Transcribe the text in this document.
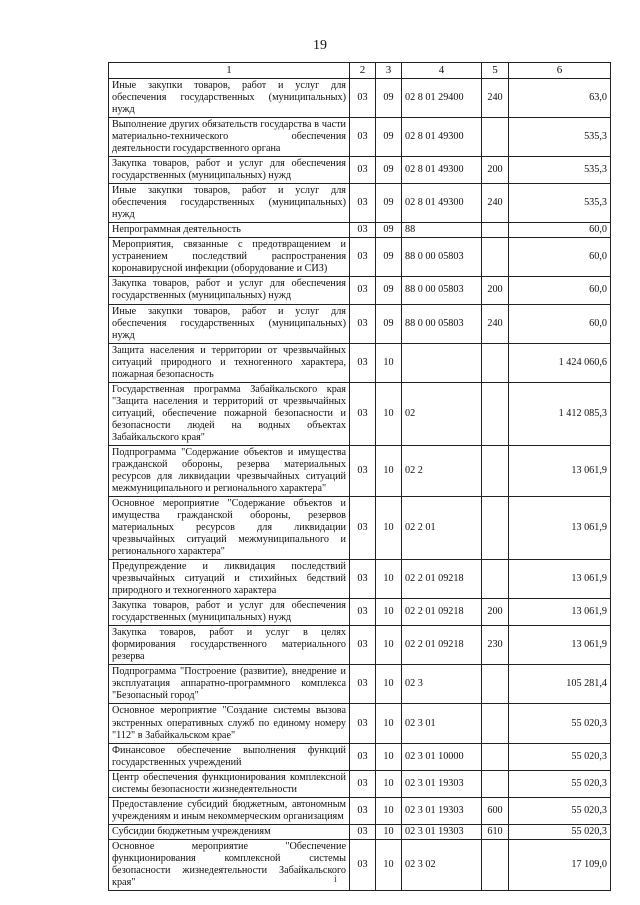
19
1	2	3	4	5	6
Иные закупки товаров, работ и услуг для обеспечения государственных (муниципальных) нужд	03	09	02 8 01 29400	240	63,0
Выполнение других обязательств государства в части материально-технического обеспечения деятельности государственного органа	03	09	02 8 01 49300		535,3
Закупка товаров, работ и услуг для обеспечения государственных (муниципальных) нужд	03	09	02 8 01 49300	200	535,3
Иные закупки товаров, работ и услуг для обеспечения государственных (муниципальных) нужд	03	09	02 8 01 49300	240	535,3
Непрограммная деятельность	03	09	88		60,0
Мероприятия, связанные с предотвращением и устранением последствий распространения коронавирусной инфекции (оборудование и СИЗ)	03	09	88 0 00 05803		60,0
Закупка товаров, работ и услуг для обеспечения государственных (муниципальных) нужд	03	09	88 0 00 05803	200	60,0
Иные закупки товаров, работ и услуг для обеспечения государственных (муниципальных) нужд	03	09	88 0 00 05803	240	60,0
Защита населения и территории от чрезвычайных ситуаций природного и техногенного характера, пожарная безопасность	03	10			1 424 060,6
Государственная программа Забайкальского края "Защита населения и территорий от чрезвычайных ситуаций, обеспечение пожарной безопасности и безопасности людей на водных объектах Забайкальского края"	03	10	02		1 412 085,3
Подпрограмма "Содержание объектов и имущества гражданской обороны, резерва материальных ресурсов для ликвидации чрезвычайных ситуаций межмуниципального и регионального характера"	03	10	02 2		13 061,9
Основное мероприятие "Содержание объектов и имущества гражданской обороны, резервов материальных ресурсов для ликвидации чрезвычайных ситуаций межмуниципального и регионального характера"	03	10	02 2 01		13 061,9
Предупреждение и ликвидация последствий чрезвычайных ситуаций и стихийных бедствий природного и техногенного характера	03	10	02 2 01 09218		13 061,9
Закупка товаров, работ и услуг для обеспечения государственных (муниципальных) нужд	03	10	02 2 01 09218	200	13 061,9
Закупка товаров, работ и услуг в целях формирования государственного материального резерва	03	10	02 2 01 09218	230	13 061,9
Подпрограмма "Построение (развитие), внедрение и эксплуатация аппаратно-программного комплекса "Безопасный город"	03	10	02 3		105 281,4
Основное мероприятие "Создание системы вызова экстренных оперативных служб по единому номеру "112" в Забайкальском крае"	03	10	02 3 01		55 020,3
Финансовое обеспечение выполнения функций государственных учреждений	03	10	02 3 01 10000		55 020,3
Центр обеспечения функционирования комплексной системы безопасности жизнедеятельности	03	10	02 3 01 19303		55 020,3
Предоставление субсидий бюджетным, автономным учреждениям и иным некоммерческим организациям	03	10	02 3 01 19303	600	55 020,3
Субсидии бюджетным учреждениям	03	10	02 3 01 19303	610	55 020,3
Основное мероприятие "Обеспечение функционирования комплексной системы безопасности жизнедеятельности Забайкальского края"	03	10	02 3 02		17 109,0
i
